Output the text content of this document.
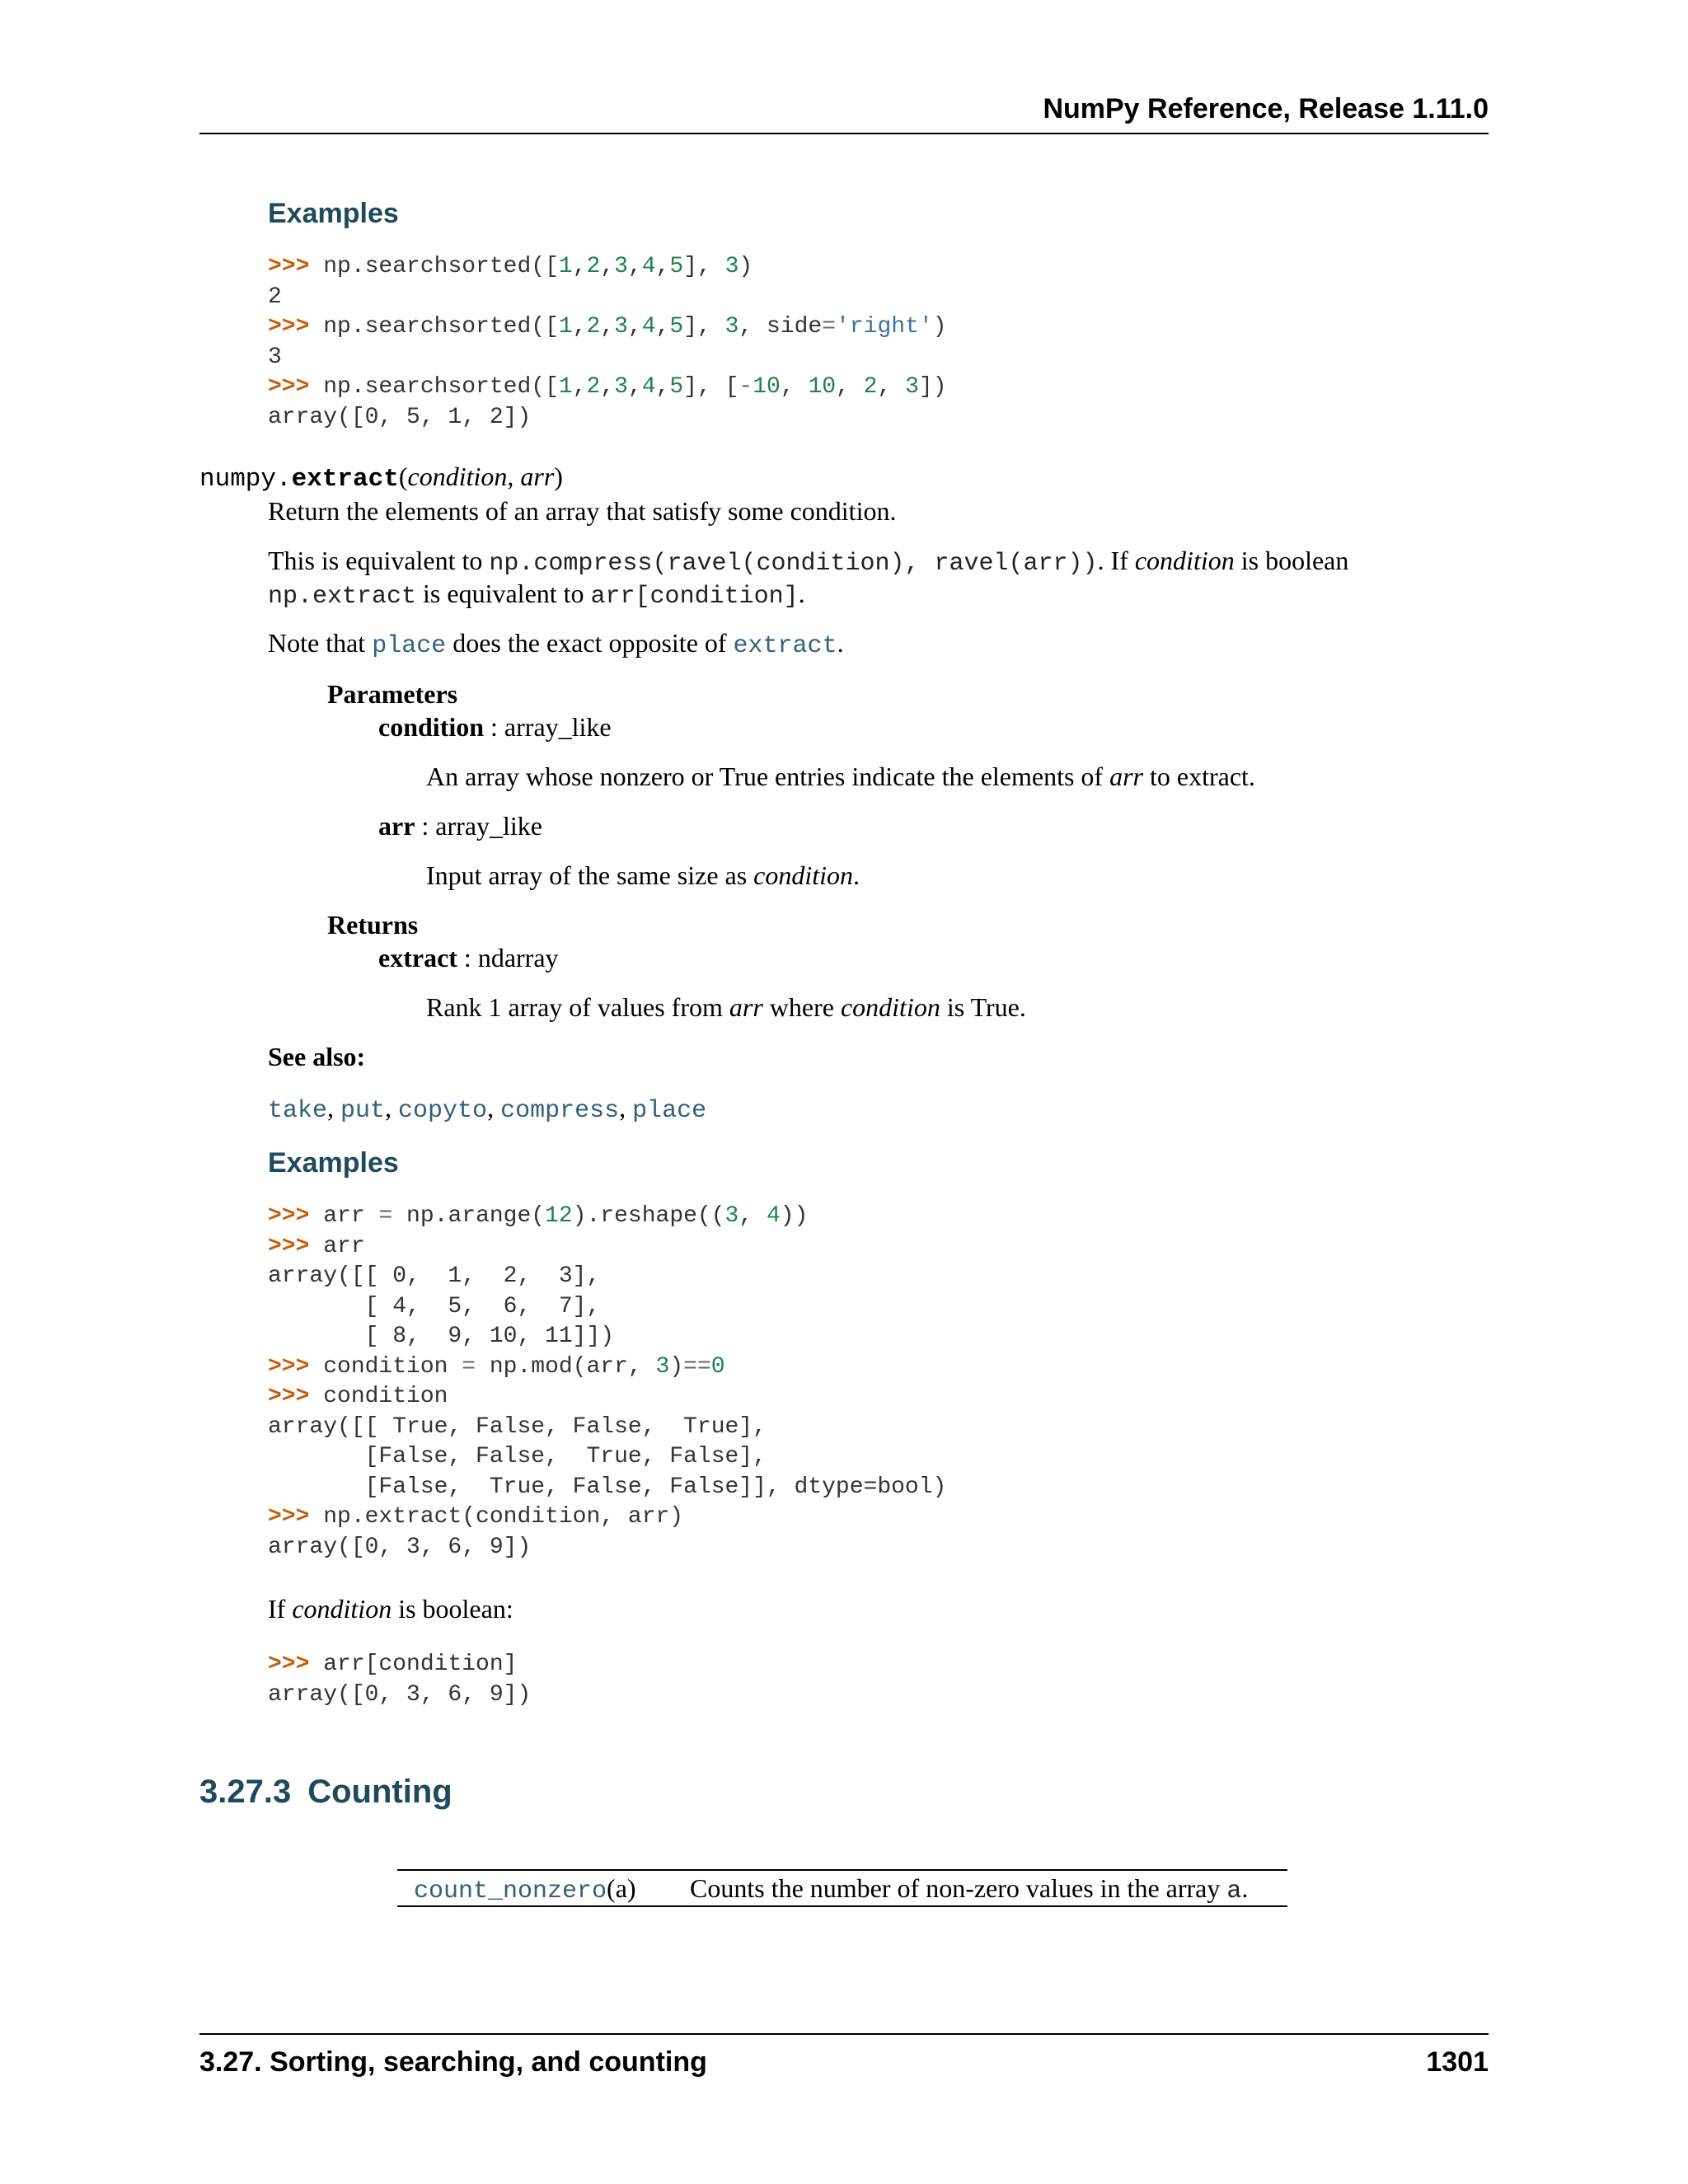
NumPy Reference, Release 1.11.0
Examples
>>> np.searchsorted([1,2,3,4,5], 3)
2
>>> np.searchsorted([1,2,3,4,5], 3, side='right')
3
>>> np.searchsorted([1,2,3,4,5], [-10, 10, 2, 3])
array([0, 5, 1, 2])
numpy.extract(condition, arr)
Return the elements of an array that satisfy some condition.
This is equivalent to np.compress(ravel(condition), ravel(arr)). If condition is boolean
np.extract is equivalent to arr[condition].
Note that place does the exact opposite of extract.
Parameters
condition : array_like
An array whose nonzero or True entries indicate the elements of arr to extract.
arr : array_like
Input array of the same size as condition.
Returns
extract : ndarray
Rank 1 array of values from arr where condition is True.
See also:
take, put, copyto, compress, place
Examples
>>> arr = np.arange(12).reshape((3, 4))
>>> arr
array([[ 0,  1,  2,  3],
[ 4,  5,  6,  7],
[ 8,  9, 10, 11]])
>>> condition = np.mod(arr, 3)==0
>>> condition
array([[ True, False, False,  True],
[False, False,  True, False],
[False,  True, False, False]], dtype=bool)
>>> np.extract(condition, arr)
array([0, 3, 6, 9])
If condition is boolean:
>>> arr[condition]
array([0, 3, 6, 9])
3.27.3 Counting
count_nonzero(a) Counts the number of non-zero values in the array a.
3.27. Sorting, searching, and counting	1301
